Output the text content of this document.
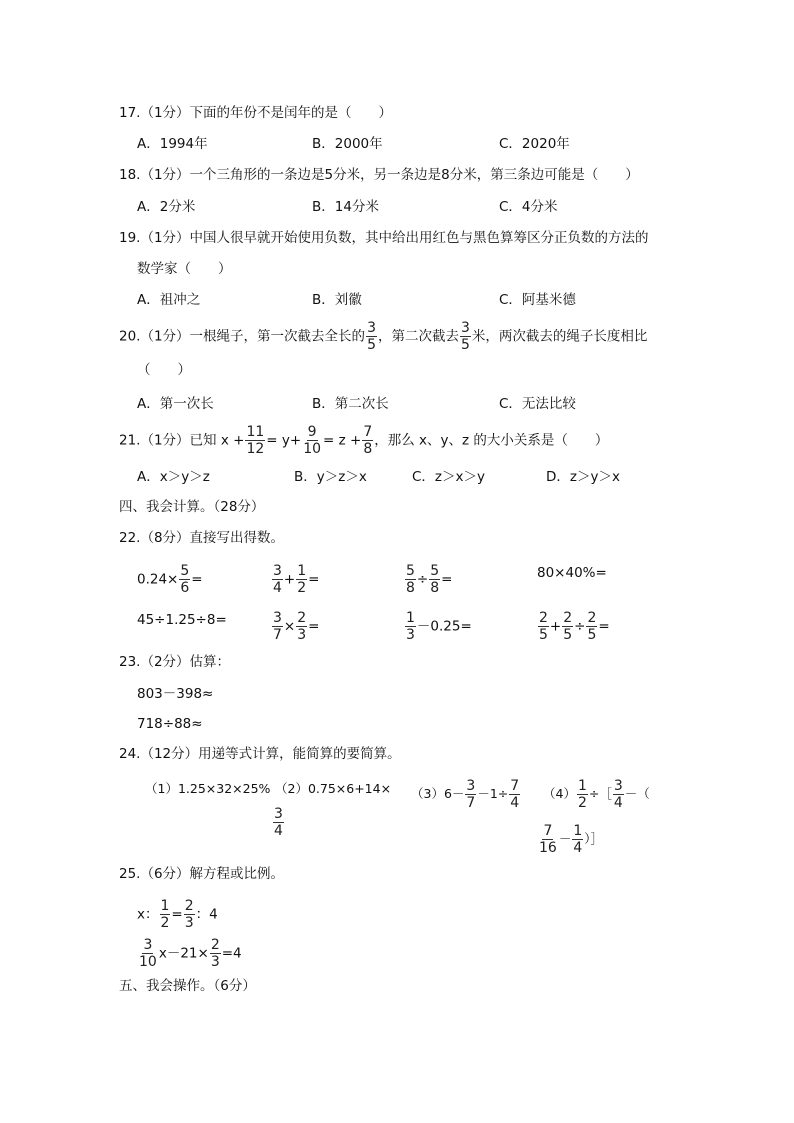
17.（1分）下面的年份不是闰年的是（　　）
A．1994年	B．2000年	C．2020年
18.（1分）一个三角形的一条边是5分米，另一条边是8分米，第三条边可能是（　　）
A．2分米	B．14分米	C．4分米
19.（1分）中国人很早就开始使用负数，其中给出用红色与黑色算筹区分正负数的方法的
数学家（　　）
A．祖冲之	B．刘徽	C．阿基米德
20.（1分）一根绳子，第一次截去全长的 $\frac{3}{5}$ ，第二次截去 $\frac{3}{5}$ 米，两次截去的绳子长度相比
（　　）
A．第一次长	B．第二次长	C．无法比较
21.（1分）已知 $x + \frac{11}{12} = y+ \frac{9}{10} = z + \frac{7}{8}$ ，那么 x、y、z 的大小关系是（　　）
A．x＞y＞z	B．y＞z＞x	C．z＞x＞y	D．z＞y＞x
四、我会计算。（28分）
22.（8分）直接写出得数。
$0.24\times \frac{5}{6}$ =	$\frac{3}{4} + \frac{1}{2}$ =	$\frac{5}{8} \div \frac{5}{8}$ =	80×40%=
45÷1.25÷8=	$\frac{3}{7} \times \frac{2}{3}$ =	$\frac{1}{3} -0.25=$	$\frac{2}{5} + \frac{2}{5} \div \frac{2}{5}$ =
23.（2分）估算：
803－398≈
718÷88≈
24.（12分）用递等式计算，能简算的要简算。
（1）1.25×32×25% （2）0.75×6+14×
$\frac{3}{4}$
$(3)6- \frac{3}{7} -1\div \frac{7}{4} (4) \frac{1}{2}$ ÷［ $\frac{3}{4}$ －（
$\frac{7}{16} - \frac{1}{4}$ ）］
25.（6分）解方程或比例。
x： $\frac{1}{2} = \frac{2}{3}$ ：4
$\frac{3}{10} x-21\times \frac{2}{3} =4$
五、我会操作。（6分）
